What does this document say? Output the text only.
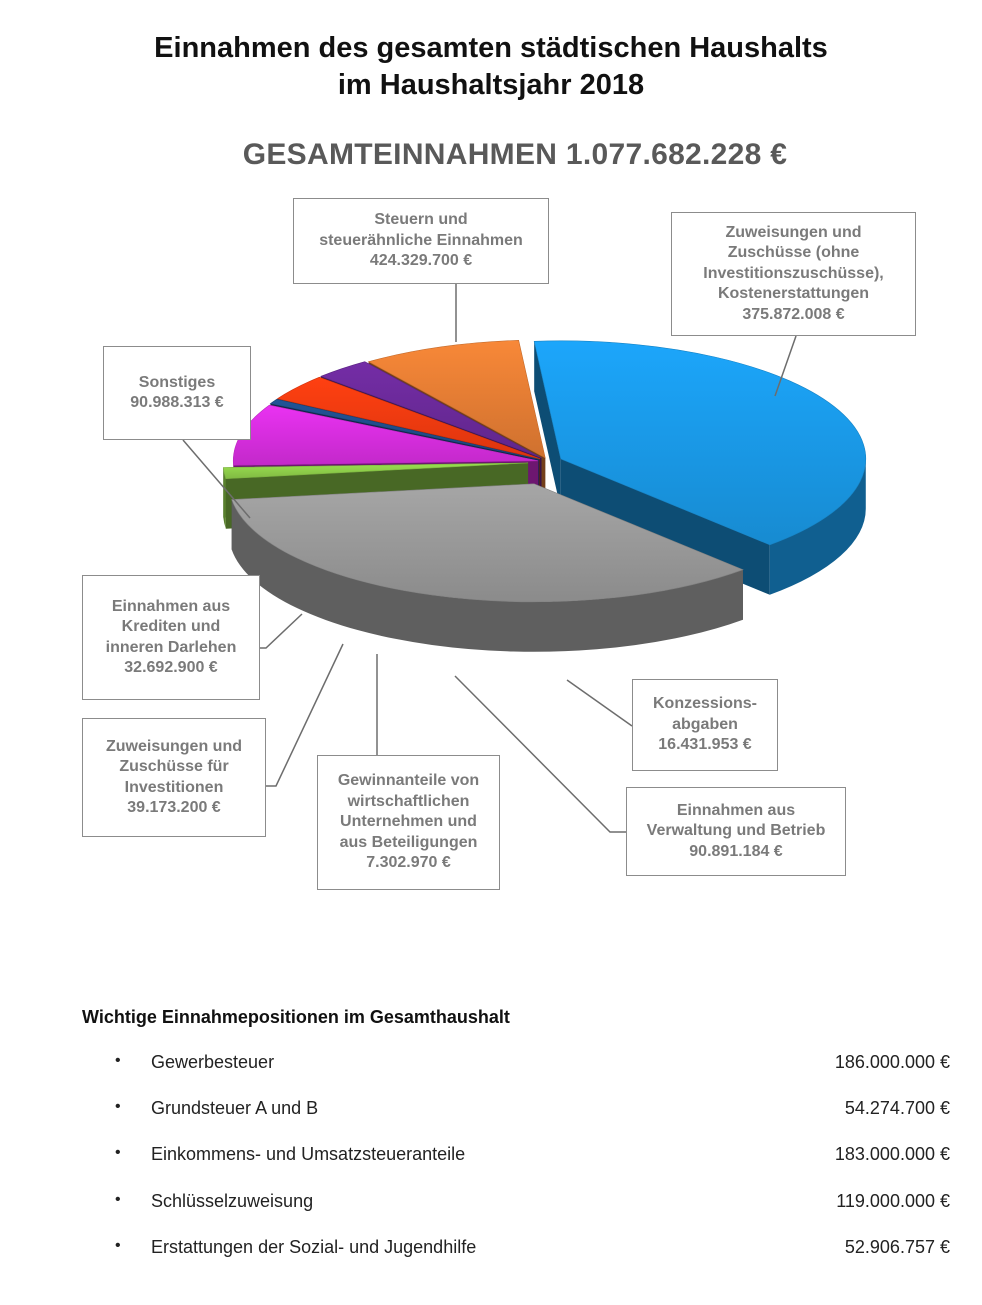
Einnahmen des gesamten städtischen Haushalts
im Haushaltsjahr 2018
GESAMTEINNAHMEN 1.077.682.228 €
Steuern und
steuerähnliche Einnahmen
424.329.700 €
Zuweisungen und
Zuschüsse (ohne
Investitionszuschüsse),
Kostenerstattungen
375.872.008 €
Konzessions-
abgaben
16.431.953 €
Einnahmen aus
Verwaltung und Betrieb
90.891.184 €
Gewinnanteile von
wirtschaftlichen
Unternehmen und
aus Beteiligungen
7.302.970 €
Zuweisungen und
Zuschüsse für
Investitionen
39.173.200 €
Einnahmen aus
Krediten und
inneren Darlehen
32.692.900 €
Sonstiges
90.988.313 €
Wichtige Einnahmepositionen im Gesamthaushalt
• Gewerbesteuer	186.000.000 €
• Grundsteuer A und B	54.274.700 €
• Einkommens- und Umsatzsteueranteile	183.000.000 €
• Schlüsselzuweisung	119.000.000 €
• Erstattungen der Sozial- und Jugendhilfe	52.906.757 €
